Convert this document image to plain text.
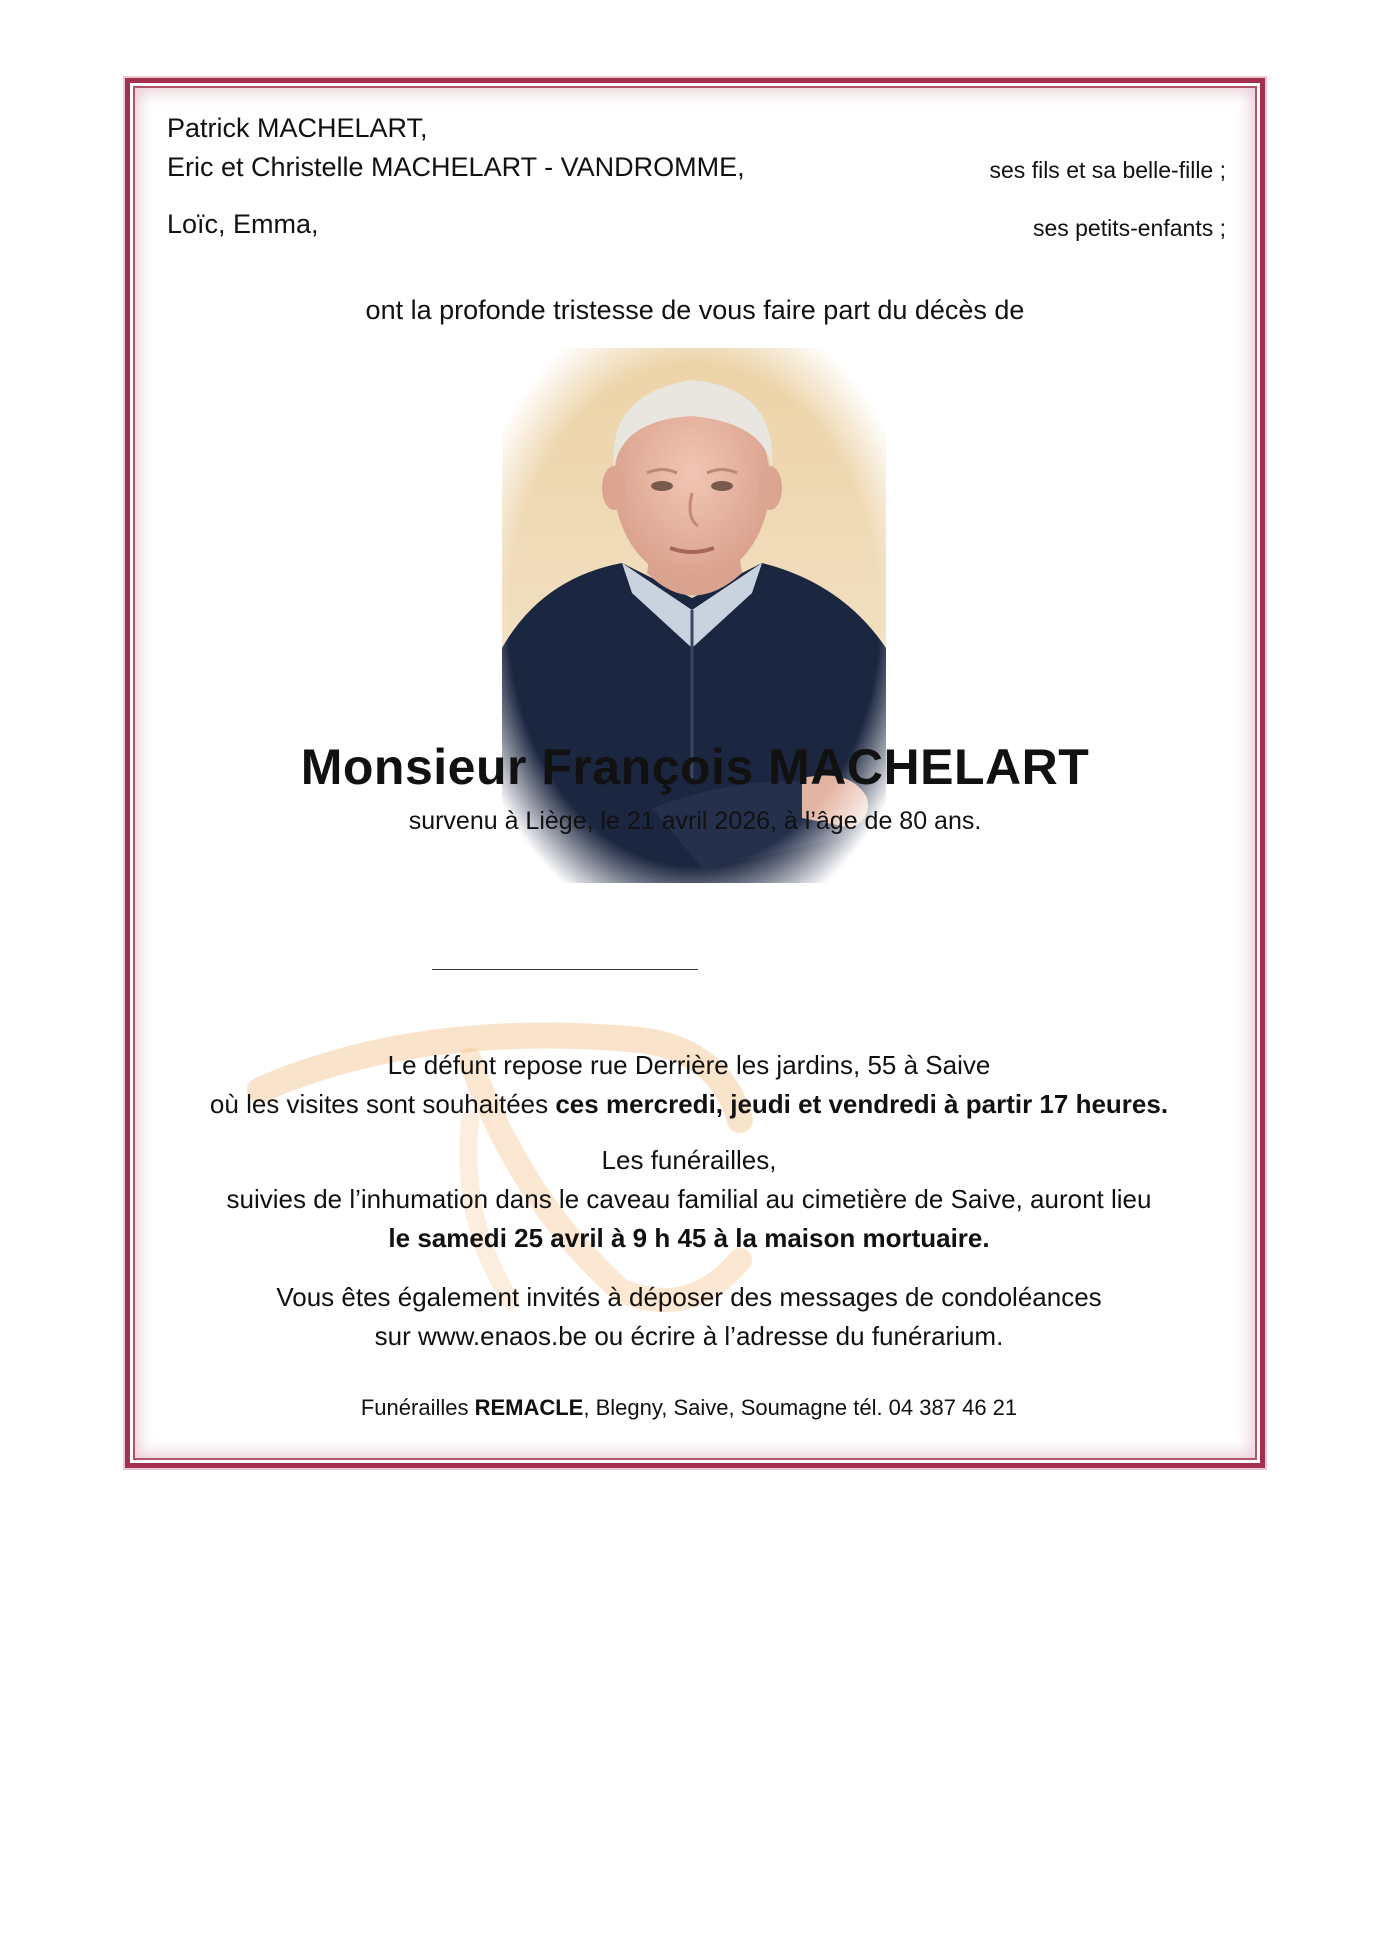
Patrick MACHELART,
Eric et Christelle MACHELART - VANDROMME,	ses fils et sa belle-fille ;
Loïc, Emma,	ses petits-enfants ;
ont la profonde tristesse de vous faire part du décès de
Monsieur François MACHELART
survenu à Liège, le 21 avril 2026, à l’âge de 80 ans.
Le défunt repose rue Derrière les jardins, 55 à Saive
où les visites sont souhaitées ces mercredi, jeudi et vendredi à partir 17 heures.
Les funérailles,
suivies de l’inhumation dans le caveau familial au cimetière de Saive, auront lieu
le samedi 25 avril à 9 h 45 à la maison mortuaire.
Vous êtes également invités à déposer des messages de condoléances
sur www.enaos.be ou écrire à l’adresse du funérarium.
Funérailles REMACLE, Blegny, Saive, Soumagne tél. 04 387 46 21
